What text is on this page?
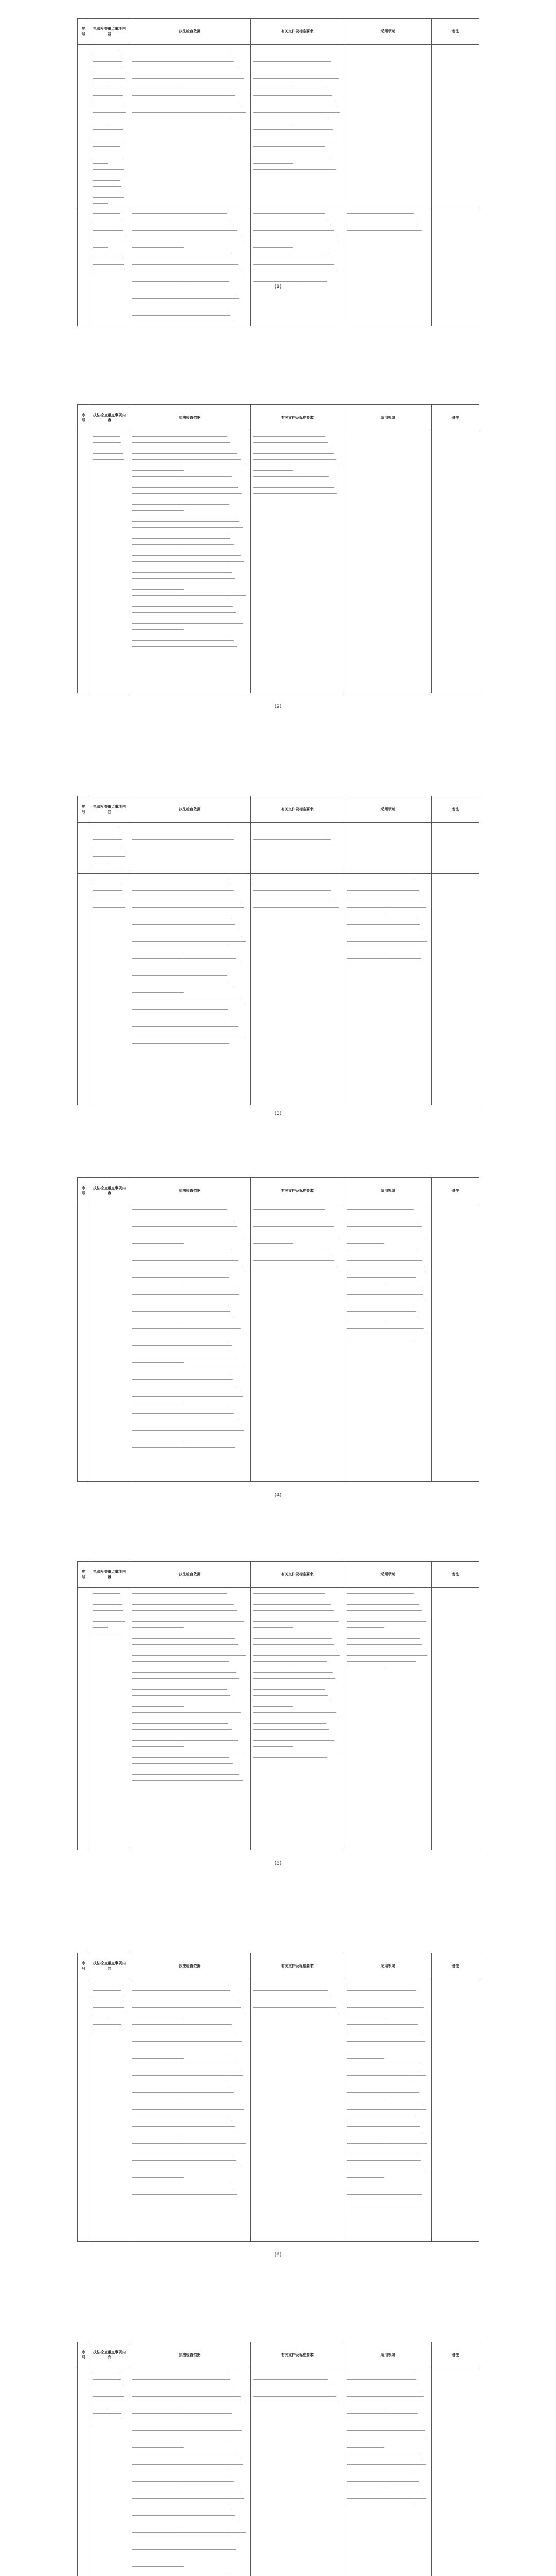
序号	执法检查重点事项内容	执法检查依据	有关文件及标准要求	适用领域	备注

(1)
序号	执法检查重点事项内容	执法检查依据	有关文件及标准要求	适用领域	备注

(2)
序号	执法检查重点事项内容	执法检查依据	有关文件及标准要求	适用领域	备注

(3)
序号	执法检查重点事项内容	执法检查依据	有关文件及标准要求	适用领域	备注

(4)
序号	执法检查重点事项内容	执法检查依据	有关文件及标准要求	适用领域	备注

(5)
序号	执法检查重点事项内容	执法检查依据	有关文件及标准要求	适用领域	备注

(6)
序号	执法检查重点事项内容	执法检查依据	有关文件及标准要求	适用领域	备注
